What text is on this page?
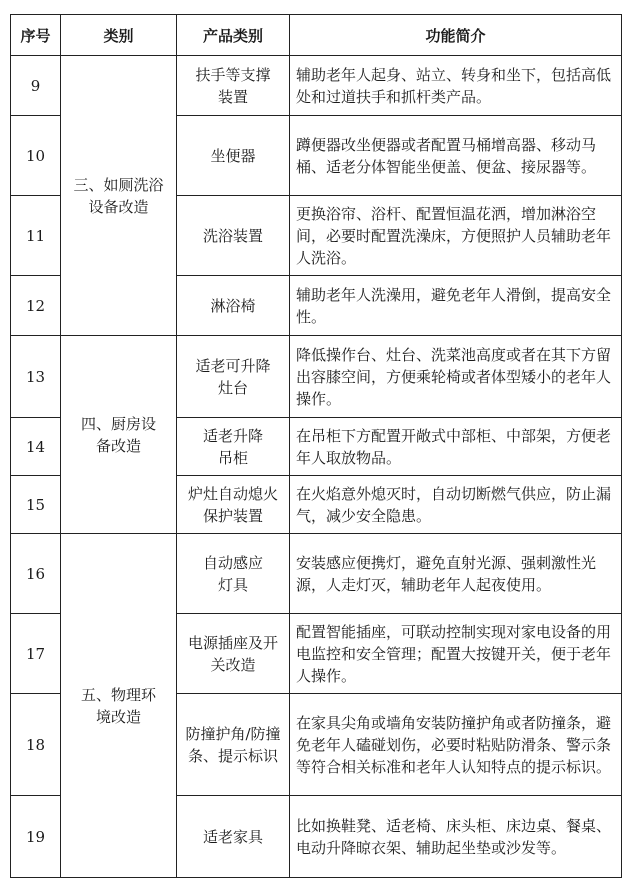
序号	类别	产品类别	功能简介
9	三、如厕洗浴设备改造	扶手等支撑装置	辅助老年人起身、站立、转身和坐下，包括高低处和过道扶手和抓杆类产品。
10		坐便器	蹲便器改坐便器或者配置马桶增高器、移动马桶、适老分体智能坐便盖、便盆、接尿器等。
11		洗浴装置	更换浴帘、浴杆、配置恒温花洒，增加淋浴空间，必要时配置洗澡床，方便照护人员辅助老年人洗浴。
12		淋浴椅	辅助老年人洗澡用，避免老年人滑倒，提高安全性。
13	四、厨房设备改造	适老可升降灶台	降低操作台、灶台、洗菜池高度或者在其下方留出容膝空间，方便乘轮椅或者体型矮小的老年人操作。
14		适老升降吊柜	在吊柜下方配置开敞式中部柜、中部架，方便老年人取放物品。
15		炉灶自动熄火保护装置	在火焰意外熄灭时，自动切断燃气供应，防止漏气，减少安全隐患。
16	五、物理环境改造	自动感应灯具	安装感应便携灯，避免直射光源、强刺激性光源，人走灯灭，辅助老年人起夜使用。
17		电源插座及开关改造	配置智能插座，可联动控制实现对家电设备的用电监控和安全管理；配置大按键开关，便于老年人操作。
18		防撞护角/防撞条、提示标识	在家具尖角或墙角安装防撞护角或者防撞条，避免老年人磕碰划伤，必要时粘贴防滑条、警示条等符合相关标准和老年人认知特点的提示标识。
19		适老家具	比如换鞋凳、适老椅、床头柜、床边桌、餐桌、电动升降晾衣架、辅助起坐垫或沙发等。
